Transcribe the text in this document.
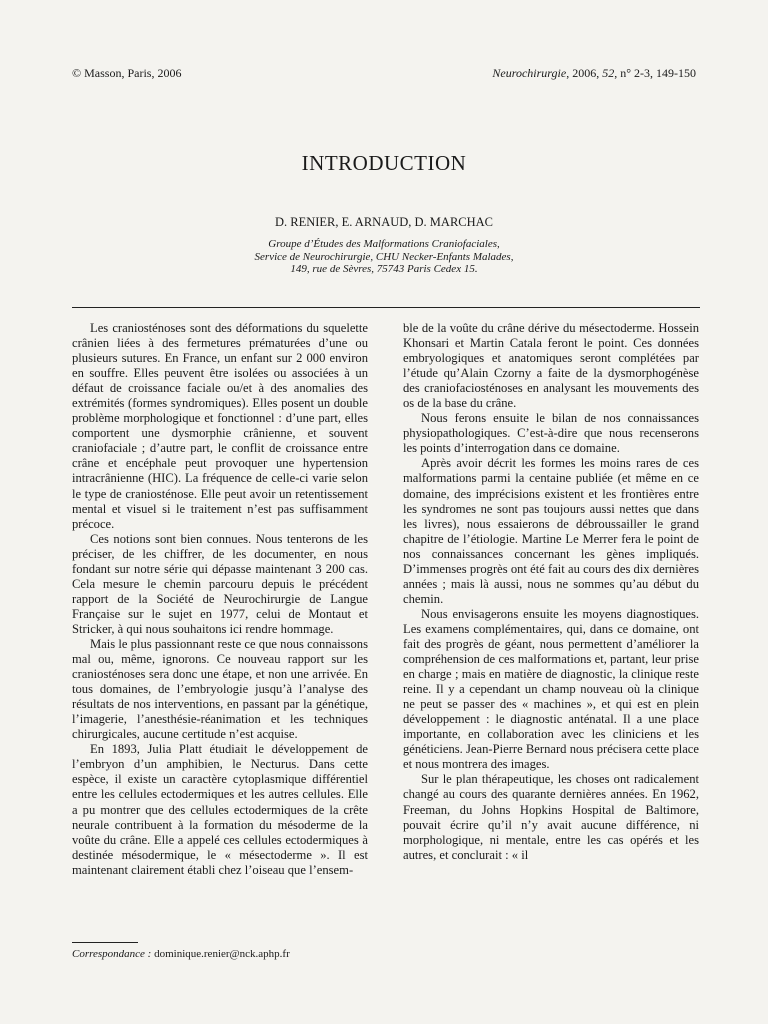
© Masson, Paris, 2006	Neurochirurgie, 2006, 52, n° 2-3, 149-150
INTRODUCTION
D. RENIER, E. ARNAUD, D. MARCHAC
Groupe d’Études des Malformations Craniofaciales,
Service de Neurochirurgie, CHU Necker-Enfants Malades,
149, rue de Sèvres, 75743 Paris Cedex 15.

Les craniosténoses sont des déformations du squelette crânien liées à des fermetures prématurées d’une ou plusieurs sutures. En France, un enfant sur 2 000 environ en souffre. Elles peuvent être isolées ou associées à un défaut de croissance faciale ou/et à des anomalies des extrémités (formes syndromiques). Elles posent un double problème morphologique et fonctionnel : d’une part, elles comportent une dysmorphie crânienne, et souvent craniofaciale ; d’autre part, le conflit de croissance entre crâne et encéphale peut provoquer une hypertension intracrânienne (HIC). La fréquence de celle-ci varie selon le type de craniosténose. Elle peut avoir un retentissement mental et visuel si le traitement n’est pas suffisamment précoce.

Ces notions sont bien connues. Nous tenterons de les préciser, de les chiffrer, de les documenter, en nous fondant sur notre série qui dépasse maintenant 3 200 cas. Cela mesure le chemin parcouru depuis le précédent rapport de la Société de Neurochirurgie de Langue Française sur le sujet en 1977, celui de Montaut et Stricker, à qui nous souhaitons ici rendre hommage.

Mais le plus passionnant reste ce que nous connaissons mal ou, même, ignorons. Ce nouveau rapport sur les craniosténoses sera donc une étape, et non une arrivée. En tous domaines, de l’embryologie jusqu’à l’analyse des résultats de nos interventions, en passant par la génétique, l’imagerie, l’anesthésie-réanimation et les techniques chirurgicales, aucune certitude n’est acquise.

En 1893, Julia Platt étudiait le développement de l’embryon d’un amphibien, le Necturus. Dans cette espèce, il existe un caractère cytoplasmique différentiel entre les cellules ectodermiques et les autres cellules. Elle a pu montrer que des cellules ectodermiques de la crête neurale contribuent à la formation du mésoderme de la voûte du crâne. Elle a appelé ces cellules ectodermiques à destinée mésodermique, le « mésectoderme ». Il est maintenant clairement établi chez l’oiseau que l’ensem-

ble de la voûte du crâne dérive du mésectoderme. Hossein Khonsari et Martin Catala feront le point. Ces données embryologiques et anatomiques seront complétées par l’étude qu’Alain Czorny a faite de la dysmorphogénèse des craniofaciosténoses en analysant les mouvements des os de la base du crâne.

Nous ferons ensuite le bilan de nos connaissances physiopathologiques. C’est-à-dire que nous recenserons les points d’interrogation dans ce domaine.

Après avoir décrit les formes les moins rares de ces malformations parmi la centaine publiée (et même en ce domaine, des imprécisions existent et les frontières entre les syndromes ne sont pas toujours aussi nettes que dans les livres), nous essaierons de débroussailler le grand chapitre de l’étiologie. Martine Le Merrer fera le point de nos connaissances concernant les gènes impliqués. D’immenses progrès ont été fait au cours des dix dernières années ; mais là aussi, nous ne sommes qu’au début du chemin.

Nous envisagerons ensuite les moyens diagnostiques. Les examens complémentaires, qui, dans ce domaine, ont fait des progrès de géant, nous permettent d’améliorer la compréhension de ces malformations et, partant, leur prise en charge ; mais en matière de diagnostic, la clinique reste reine. Il y a cependant un champ nouveau où la clinique ne peut se passer des « machines », et qui est en plein développement : le diagnostic anténatal. Il a une place importante, en collaboration avec les cliniciens et les généticiens. Jean-Pierre Bernard nous précisera cette place et nous montrera des images.

Sur le plan thérapeutique, les choses ont radicalement changé au cours des quarante dernières années. En 1962, Freeman, du Johns Hopkins Hospital de Baltimore, pouvait écrire qu’il n’y avait aucune différence, ni morphologique, ni mentale, entre les cas opérés et les autres, et conclurait : « il

Correspondance : dominique.renier@nck.aphp.fr
